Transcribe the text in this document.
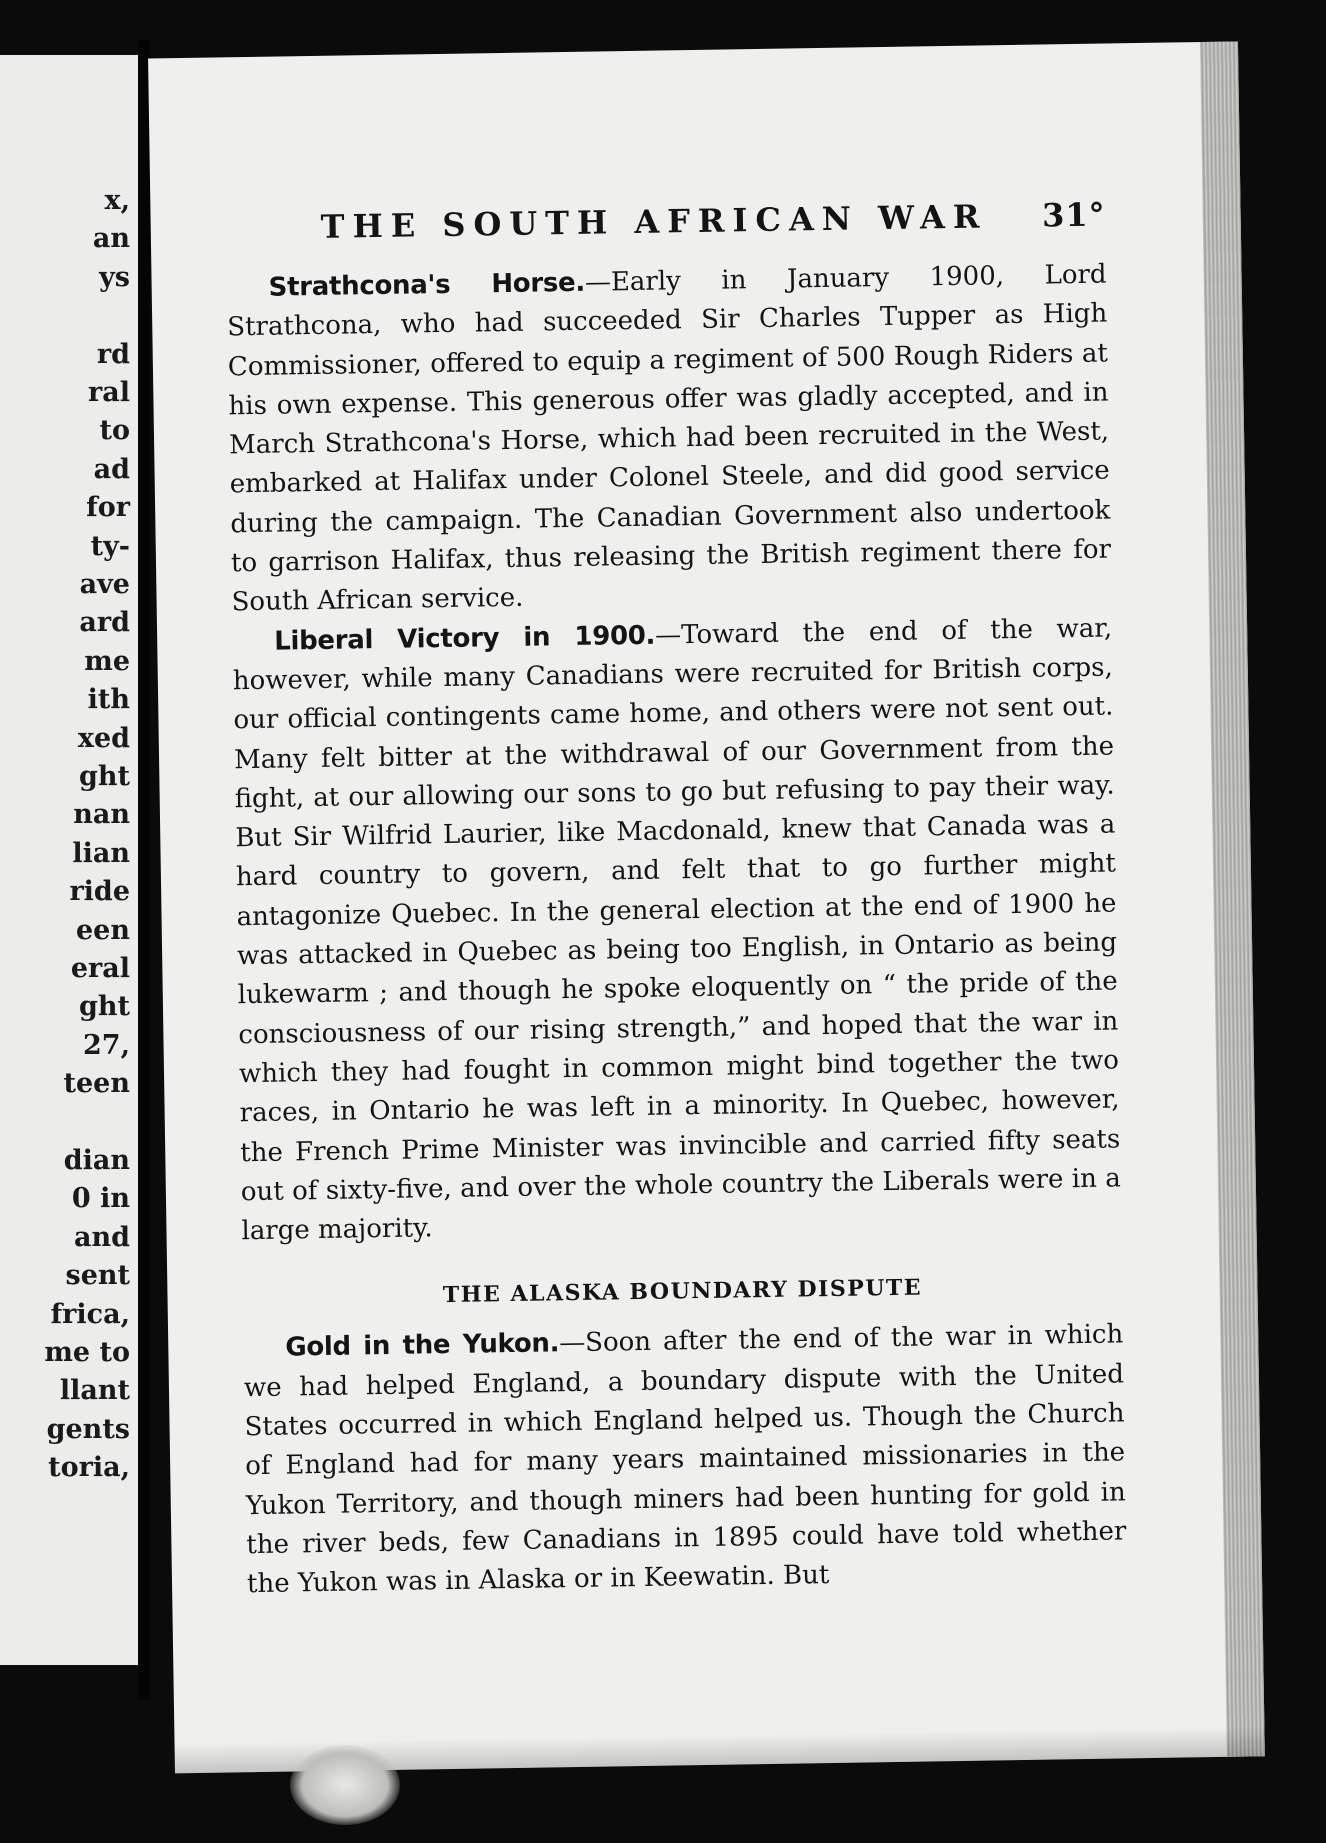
x,
an
ys
rd
ral
to
ad
for
ty-
ave
ard
me
ith
xed
ght
nan
lian
ride
een
eral
ght
27,
teen
dian
0 in
and
sent
frica,
me to
llant
gents
toria,
THE SOUTH AFRICAN WAR 31°

Strathcona's Horse.—Early in January 1900, Lord Strathcona, who had succeeded Sir Charles Tupper as High Commissioner, offered to equip a regiment of 500 Rough Riders at his own expense. This generous offer was gladly accepted, and in March Strathcona's Horse, which had been recruited in the West, embarked at Halifax under Colonel Steele, and did good service during the campaign. The Canadian Government also undertook to garrison Halifax, thus releasing the British regiment there for South African service.

Liberal Victory in 1900.—Toward the end of the war, however, while many Canadians were recruited for British corps, our official contingents came home, and others were not sent out. Many felt bitter at the withdrawal of our Government from the fight, at our allowing our sons to go but refusing to pay their way. But Sir Wilfrid Laurier, like Macdonald, knew that Canada was a hard country to govern, and felt that to go further might antagonize Quebec. In the general election at the end of 1900 he was attacked in Quebec as being too English, in Ontario as being lukewarm ; and though he spoke eloquently on “ the pride of the consciousness of our rising strength,” and hoped that the war in which they had fought in common might bind together the two races, in Ontario he was left in a minority. In Quebec, however, the French Prime Minister was invincible and carried fifty seats out of sixty-five, and over the whole country the Liberals were in a large majority.

THE ALASKA BOUNDARY DISPUTE

Gold in the Yukon.—Soon after the end of the war in which we had helped England, a boundary dispute with the United States occurred in which England helped us. Though the Church of England had for many years maintained missionaries in the Yukon Territory, and though miners had been hunting for gold in the river beds, few Canadians in 1895 could have told whether the Yukon was in Alaska or in Keewatin. But
